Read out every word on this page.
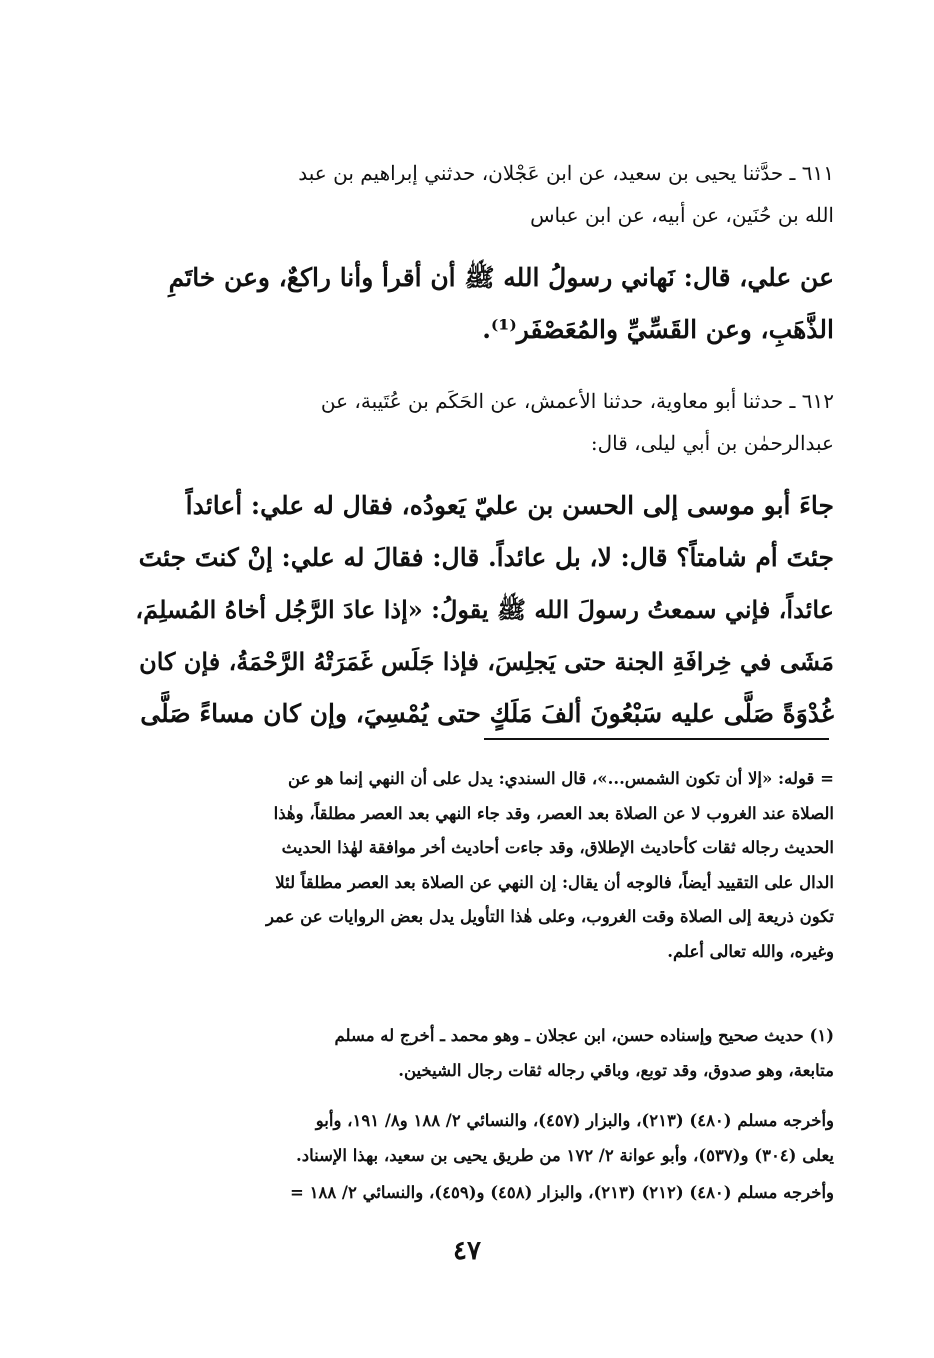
٦١١ ـ حدَّثنا يحيى بن سعيد، عن ابن عَجْلان، حدثني إبراهيم بن عبد
الله بن حُنَين، عن أبيه، عن ابن عباس
عن علي، قال: نَهاني رسولُ الله ﷺ أن أقرأ وأنا راكعٌ، وعن خاتَمِ
الذَّهَبِ، وعن القَسِّيِّ والمُعَصْفَر⁽¹⁾.
٦١٢ ـ حدثنا أبو معاوية، حدثنا الأعمش، عن الحَكَم بن عُتَيبة، عن
عبدالرحمٰن بن أبي ليلى، قال:
جاءَ أبو موسى إلى الحسن بن عليّ يَعودُه، فقال له علي: أعائداً
جئتَ أم شامتاً؟ قال: لا، بل عائداً. قال: فقالَ له علي: إنْ كنتَ جئتَ
عائداً، فإني سمعتُ رسولَ الله ﷺ يقولُ: «إذا عادَ الرَّجُل أخاهُ المُسلِمَ،
مَشَى في خِرافَةِ الجنة حتى يَجلِسَ، فإذا جَلَس غَمَرَتْهُ الرَّحْمَةُ، فإن كان
غُدْوَةً صَلَّى عليه سَبْعُونَ ألفَ مَلَكٍ حتى يُمْسِيَ، وإن كان مساءً صَلَّى
= قوله: «إلا أن تكون الشمس...»، قال السندي: يدل على أن النهي إنما هو عن
الصلاة عند الغروب لا عن الصلاة بعد العصر، وقد جاء النهي بعد العصر مطلقاً، وهٰذا
الحديث رجاله ثقات كأحاديث الإطلاق، وقد جاءت أحاديث أخر موافقة لهٰذا الحديث
الدال على التقييد أيضاً، فالوجه أن يقال: إن النهي عن الصلاة بعد العصر مطلقاً لئلا
تكون ذريعة إلى الصلاة وقت الغروب، وعلى هٰذا التأويل يدل بعض الروايات عن عمر
وغيره، والله تعالى أعلم.
(١) حديث صحيح وإسناده حسن، ابن عجلان ـ وهو محمد ـ أخرج له مسلم
متابعة، وهو صدوق، وقد توبع، وباقي رجاله ثقات رجال الشيخين.
وأخرجه مسلم (٤٨٠) (٢١٣)، والبزار (٤٥٧)، والنسائي ٢/ ١٨٨ و٨/ ١٩١، وأبو
يعلى (٣٠٤) و(٥٣٧)، وأبو عوانة ٢/ ١٧٢ من طريق يحيى بن سعيد، بهذا الإسناد.
وأخرجه مسلم (٤٨٠) (٢١٢) (٢١٣)، والبزار (٤٥٨) و(٤٥٩)، والنسائي ٢/ ١٨٨ =
٤٧
